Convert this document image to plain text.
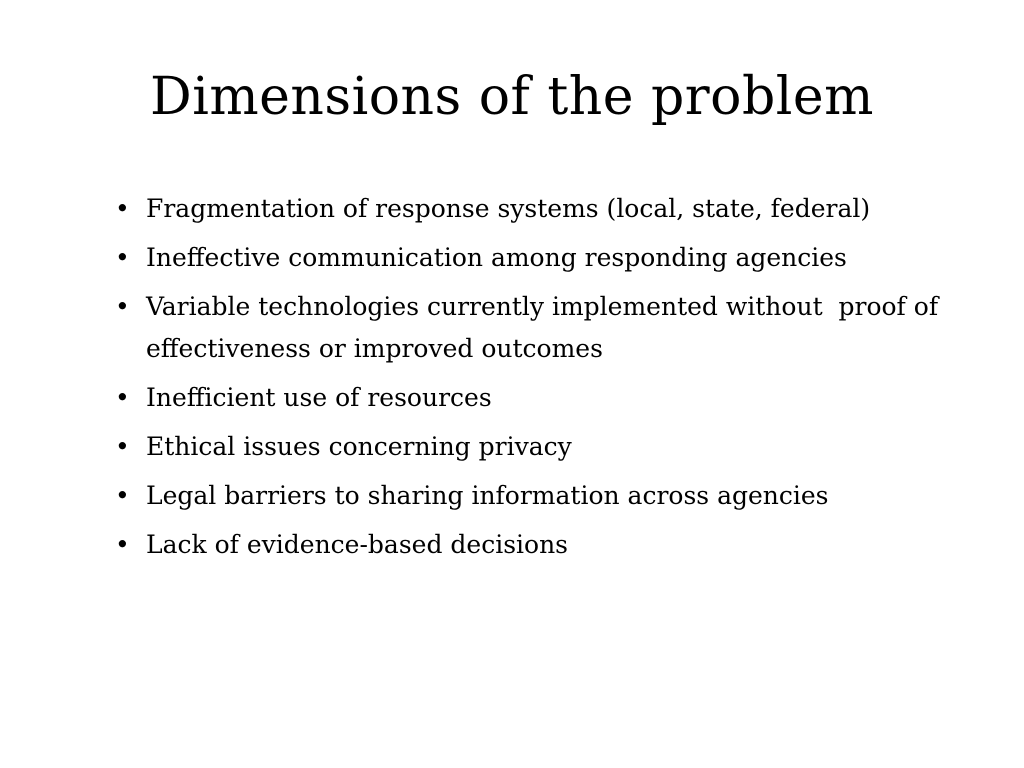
Dimensions of the problem
• Fragmentation of response systems (local, state, federal)
• Ineffective communication among responding agencies
• Variable technologies currently implemented without  proof of effectiveness or improved outcomes
• Inefficient use of resources
• Ethical issues concerning privacy
• Legal barriers to sharing information across agencies
• Lack of evidence-based decisions
